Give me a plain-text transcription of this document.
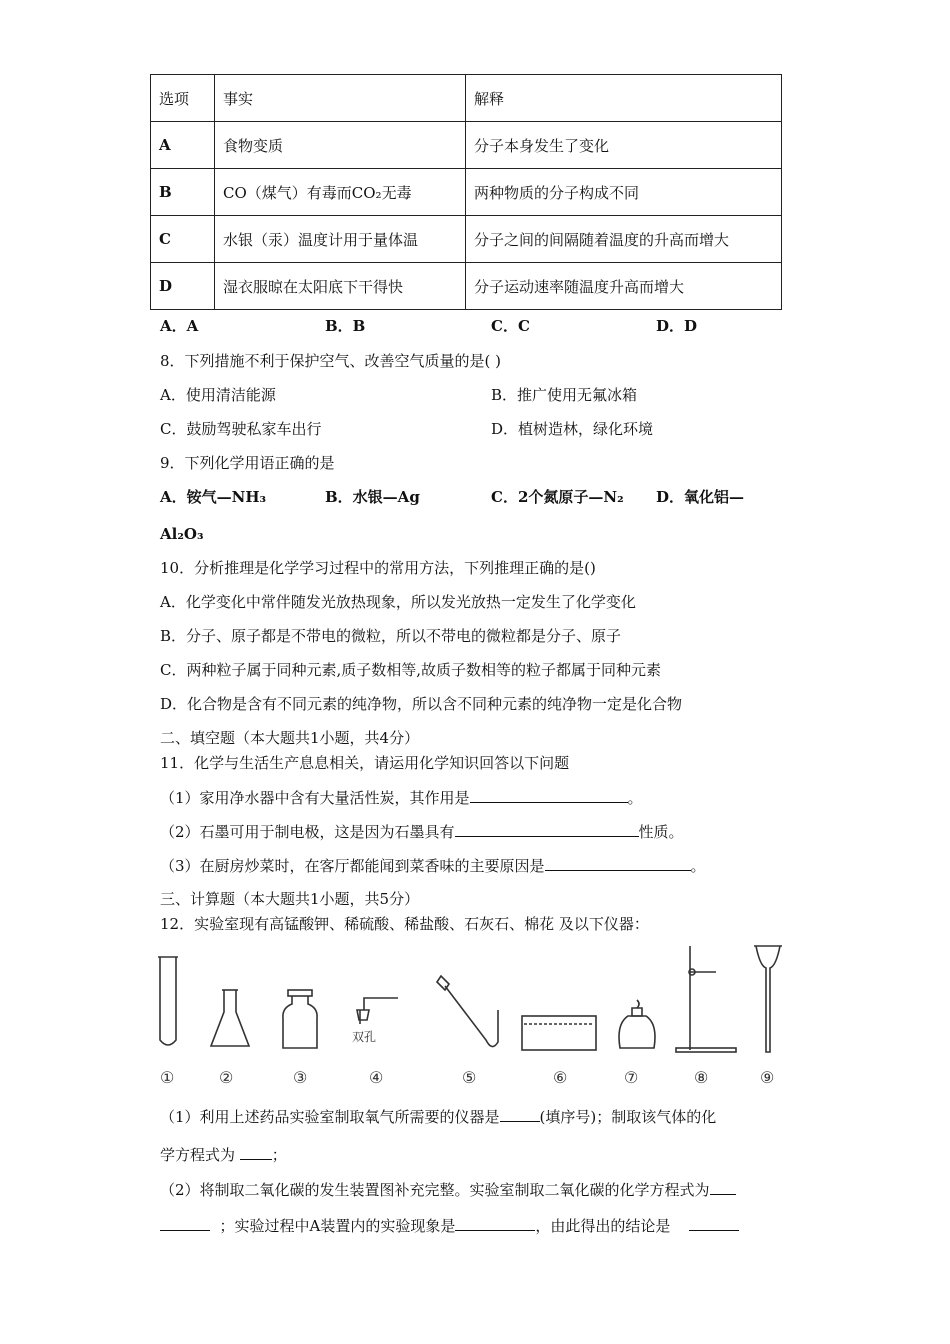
选项	事实	解释
A	食物变质	分子本身发生了变化
B	CO（煤气）有毒而CO₂无毒	两种物质的分子构成不同
C	水银（汞）温度计用于量体温	分子之间的间隔随着温度的升高而增大
D	湿衣服晾在太阳底下干得快	分子运动速率随温度升高而增大
A．A	B．B	C．C	D．D
8．下列措施不利于保护空气、改善空气质量的是( )
A．使用清洁能源	B．推广使用无氟冰箱
C．鼓励驾驶私家车出行	D．植树造林，绿化环境
9．下列化学用语正确的是
A．铵气—NH₃	B．水银—Ag	C．2个氮原子—N₂ D．氧化铝—
Al₂O₃
10．分析推理是化学学习过程中的常用方法，下列推理正确的是()
A．化学变化中常伴随发光放热现象，所以发光放热一定发生了化学变化
B．分子、原子都是不带电的微粒，所以不带电的微粒都是分子、原子
C．两种粒子属于同种元素,质子数相等,故质子数相等的粒子都属于同种元素
D．化合物是含有不同元素的纯净物，所以含不同种元素的纯净物一定是化合物
二、填空题（本大题共1小题，共4分）
11．化学与生活生产息息相关，请运用化学知识回答以下问题
（1）家用净水器中含有大量活性炭，其作用是	。
（2）石墨可用于制电极，这是因为石墨具有	性质。
（3）在厨房炒菜时，在客厅都能闻到菜香味的主要原因是	。
三、计算题（本大题共1小题，共5分）
12．实验室现有高锰酸钾、稀硫酸、稀盐酸、石灰石、棉花 及以下仪器：
双孔
①	②	③	④	⑤	⑥	⑦	⑧	⑨
（1）利用上述药品实验室制取氧气所需要的仪器是	(填序号)；制取该气体的化
学方程式为 ；
（2）将制取二氧化碳的发生装置图补充完整。实验室制取二氧化碳的化学方程式为
；实验过程中A装置内的实验现象是	，由此得出的结论是
